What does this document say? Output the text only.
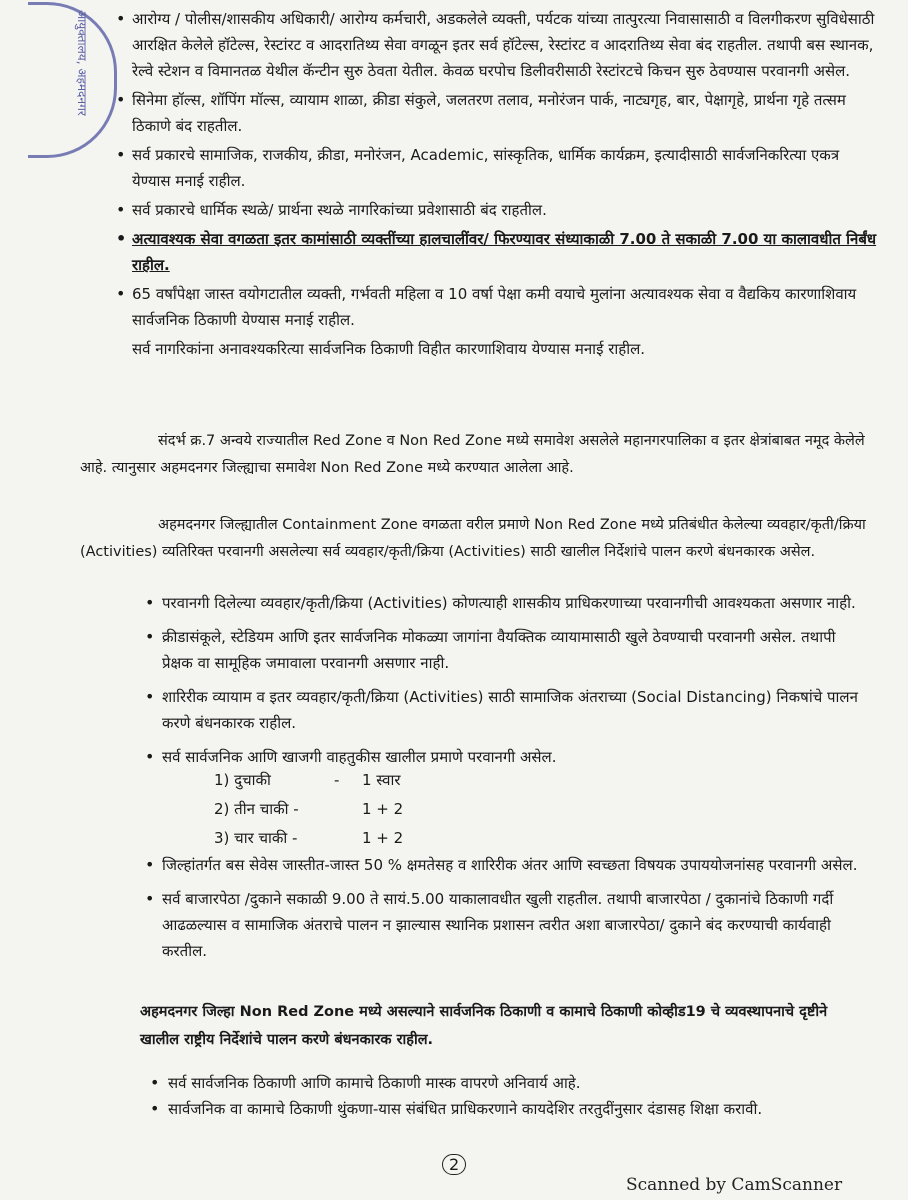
आयुक्तालय, अहमदनगर
•	आरोग्य / पोलीस/शासकीय अधिकारी/ आरोग्य कर्मचारी, अडकलेले व्यक्ती, पर्यटक यांच्या तात्पुरत्या निवासासाठी व विलगीकरण सुविधेसाठी आरक्षित केलेले हॉटेल्स, रेस्टांरट व आदरातिथ्य सेवा वगळून इतर सर्व हॉटेल्स, रेस्टांरट व आदरातिथ्य सेवा बंद राहतील. तथापी बस स्थानक, रेल्वे स्टेशन व विमानतळ येथील कॅन्टीन सुरु ठेवता येतील. केवळ घरपोच डिलीवरीसाठी रेस्टांरटचे किचन सुरु ठेवण्यास परवानगी असेल.
• सिनेमा हॉल्स, शॉपिंग मॉल्स, व्यायाम शाळा, क्रीडा संकुले, जलतरण तलाव, मनोरंजन पार्क, नाट्यगृह, बार, पेक्षागृहे, प्रार्थना गृहे तत्सम ठिकाणे बंद राहतील.
• सर्व प्रकारचे सामाजिक, राजकीय, क्रीडा, मनोरंजन, Academic, सांस्कृतिक, धार्मिक कार्यक्रम, इत्यादीसाठी सार्वजनिकरित्या एकत्र येण्यास मनाई राहील.
• सर्व प्रकारचे धार्मिक स्थळे/ प्रार्थना स्थळे नागरिकांच्या प्रवेशासाठी बंद राहतील.
• अत्यावश्यक सेवा वगळता इतर कामांसाठी व्यक्तींच्या हालचालींवर/ फिरण्यावर संध्याकाळी 7.00 ते सकाळी 7.00 या कालावधीत निर्बंध राहील.
• 65 वर्षांपेक्षा जास्त वयोगटातील व्यक्ती, गर्भवती महिला व 10 वर्षा पेक्षा कमी वयाचे मुलांना अत्यावश्यक सेवा व वैद्यकिय कारणाशिवाय सार्वजनिक ठिकाणी येण्यास मनाई राहील.
सर्व नागरिकांना अनावश्यकरित्या सार्वजनिक ठिकाणी विहीत कारणाशिवाय येण्यास मनाई राहील.

संदर्भ क्र.7 अन्वये राज्यातील Red Zone व Non Red Zone मध्ये समावेश असलेले महानगरपालिका व इतर क्षेत्रांबाबत नमूद केलेले आहे. त्यानुसार अहमदनगर जिल्ह्याचा समावेश Non Red Zone मध्ये करण्यात आलेला आहे.

अहमदनगर जिल्ह्यातील Containment Zone वगळता वरील प्रमाणे Non Red Zone मध्ये प्रतिबंधीत केलेल्या व्यवहार/कृती/क्रिया (Activities) व्यतिरिक्त परवानगी असलेल्या सर्व व्यवहार/कृती/क्रिया (Activities) साठी खालील निर्देशांचे पालन करणे बंधनकारक असेल.

• परवानगी दिलेल्या व्यवहार/कृती/क्रिया (Activities) कोणत्याही शासकीय प्राधिकरणाच्या परवानगीची आवश्यकता असणार नाही.
• क्रीडासंकूले, स्टेडियम आणि इतर सार्वजनिक मोकळ्या जागांना वैयक्तिक व्यायामासाठी खुले ठेवण्याची परवानगी असेल. तथापी प्रेक्षक वा सामूहिक जमावाला परवानगी असणार नाही.
• शारिरीक व्यायाम व इतर व्यवहार/कृती/क्रिया (Activities) साठी सामाजिक अंतराच्या (Social Distancing) निकषांचे पालन करणे बंधनकारक राहील.
• सर्व सार्वजनिक आणि खाजगी वाहतुकीस खालील प्रमाणे परवानगी असेल.
1) दुचाकी	-	1 स्वार
2) तीन चाकी -	1 + 2
3) चार चाकी -	1 + 2
• जिल्हांतर्गत बस सेवेस जास्तीत-जास्त 50 % क्षमतेसह व शारिरीक अंतर आणि स्वच्छता विषयक उपाययोजनांसह परवानगी असेल.
• सर्व बाजारपेठा /दुकाने सकाळी 9.00 ते सायं.5.00 याकालावधीत खुली राहतील. तथापी बाजारपेठा / दुकानांचे ठिकाणी गर्दी आढळल्यास व सामाजिक अंतराचे पालन न झाल्यास स्थानिक प्रशासन त्वरीत अशा बाजारपेठा/ दुकाने बंद करण्याची कार्यवाही करतील.

अहमदनगर जिल्हा Non Red Zone मध्ये असल्याने सार्वजनिक ठिकाणी व कामाचे ठिकाणी कोव्हीड19 चे व्यवस्थापनाचे दृष्टीने खालील राष्ट्रीय निर्देशांचे पालन करणे बंधनकारक राहील.

• सर्व सार्वजनिक ठिकाणी आणि कामाचे ठिकाणी मास्क वापरणे अनिवार्य आहे.
• सार्वजनिक वा कामाचे ठिकाणी थुंकणा-यास संबंधित प्राधिकरणाने कायदेशिर तरतुदींनुसार दंडासह शिक्षा करावी.
2
Scanned by CamScanner
